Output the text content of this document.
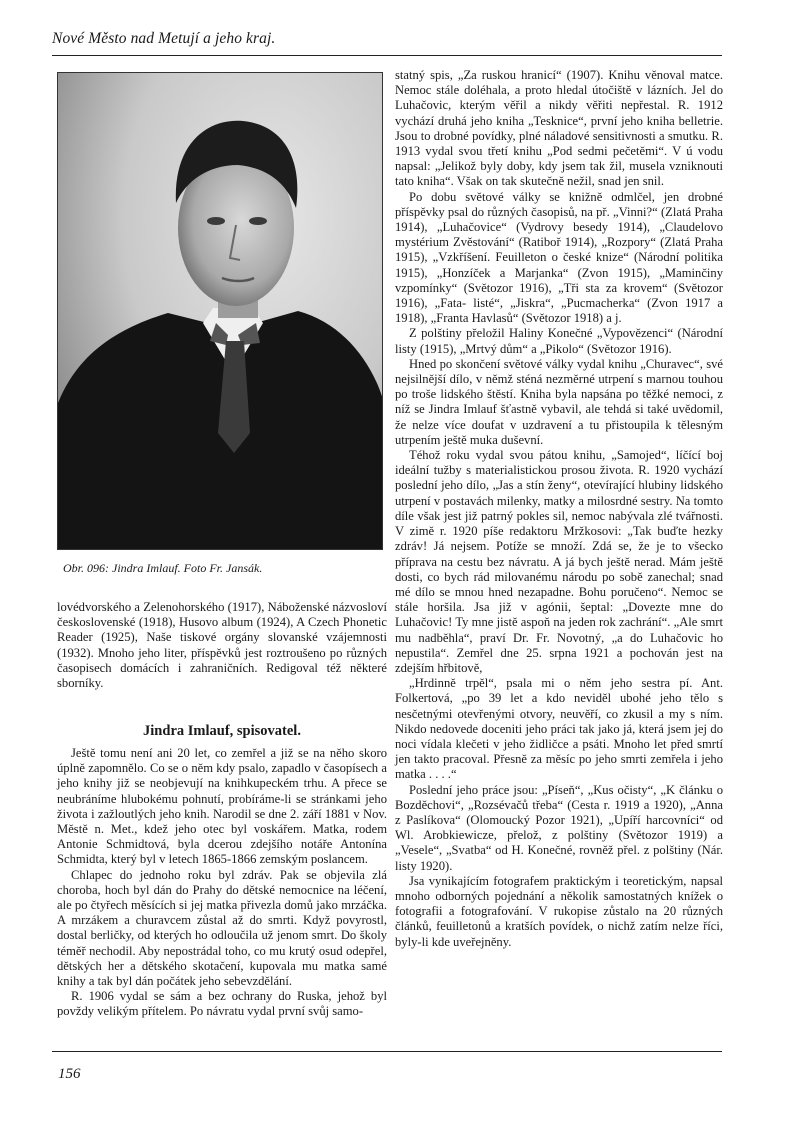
Nové Město nad Metují a jeho kraj.
Obr. 096: Jindra Imlauf. Foto Fr. Jansák.

lovédvorského a Zelenohorského (1917), Náboženské názvosloví československé (1918), Husovo album (1924), A Czech Phonetic Reader (1925), Naše tiskové orgány slovanské vzájemnosti (1932). Mnoho jeho liter, příspěvků jest roztroušeno po různých časopisech domácích i zahraničních. Redigoval též některé sborníky.

Jindra Imlauf, spisovatel.

Ještě tomu není ani 20 let, co zemřel a již se na něho skoro úplně zapomnělo. Co se o něm kdy psalo, zapadlo v časopísech a jeho knihy již se neobjevují na knihkupeckém trhu. A přece se neubráníme hlubokému pohnutí, probíráme-li se stránkami jeho života i zažloutlých jeho knih. Narodil se dne 2. září 1881 v Nov. Městě n. Met., kdež jeho otec byl voskářem. Matka, rodem Antonie Schmidtová, byla dcerou zdejšího notáře Antonína Schmidta, který byl v letech 1865-1866 zemským poslancem.

Chlapec do jednoho roku byl zdráv. Pak se objevila zlá choroba, hoch byl dán do Prahy do dětské nemocnice na léčení, ale po čtyřech měsících si jej matka přivezla domů jako mrzáčka. A mrzákem a churavcem zůstal až do smrti. Když povyrostl, dostal berličky, od kterých ho odloučila už jenom smrt. Do školy téměř nechodil. Aby nepostrádal toho, co mu krutý osud odepřel, dětských her a dětského skotačení, kupovala mu matka samé knihy a tak byl dán počátek jeho sebevzdělání.

R. 1906 vydal se sám a bez ochrany do Ruska, jehož byl povždy velikým přítelem. Po návratu vydal první svůj samo-

statný spis, „Za ruskou hranicí“ (1907). Knihu věnoval matce. Nemoc stále doléhala, a proto hledal útočiště v lázních. Jel do Luhačovic, kterým věřil a nikdy věřiti nepřestal. R. 1912 vychází druhá jeho kniha „Tesknice“, první jeho kniha belletrie. Jsou to drobné povídky, plné náladové sensitivnosti a smutku. R. 1913 vydal svou třetí knihu „Pod sedmi pečetěmi“. V ú vodu napsal: „Jelikož byly doby, kdy jsem tak žil, musela vzniknouti tato kniha“. Však on tak skutečně nežil, snad jen snil.

Po dobu světové války se knižně odmlčel, jen drobné příspěvky psal do různých časopisů, na př. „Vinni?“ (Zlatá Praha 1914), „Luhačovice“ (Vydrovy besedy 1914), „Claudelovo mystérium Zvěstování“ (Ratiboř 1914), „Rozpory“ (Zlatá Praha 1915), „Vzkříšení. Feuilleton o české knize“ (Národní politika 1915), „Honzíček a Marjanka“ (Zvon 1915), „Maminčiny vzpomínky“ (Světozor 1916), „Tři sta za krovem“ (Světozor 1916), „Fata- listé“, „Jiskra“, „Pucmacherka“ (Zvon 1917 a 1918), „Franta Havlasů“ (Světozor 1918) a j.

Z polštiny přeložil Haliny Konečné „Vypovězenci“ (Národní listy (1915), „Mrtvý dům“ a „Pikolo“ (Světozor 1916).

Hned po skončení světové války vydal knihu „Churavec“, své nejsilnější dílo, v němž sténá nezměrné utrpení s marnou touhou po troše lidského štěstí. Kniha byla napsána po těžké nemoci, z níž se Jindra Imlauf šťastně vybavil, ale tehdá si také uvědomil, že nelze více doufat v uzdravení a tu přistoupila k tělesným utrpením ještě muka duševní.

Téhož roku vydal svou pátou knihu, „Samojed“, líčící boj ideální tužby s materialistickou prosou života. R. 1920 vychází poslední jeho dílo, „Jas a stín ženy“, otevírající hlubiny lidského utrpení v postavách milenky, matky a milosrdné sestry. Na tomto díle však jest již patrný pokles sil, nemoc nabývala zlé tvářnosti. V zimě r. 1920 píše redaktoru Mržkosovi: „Tak buďte hezky zdráv! Já nejsem. Potíže se množí. Zdá se, že je to všecko příprava na cestu bez návratu. A já bych ještě nerad. Mám ještě dosti, co bych rád milovanému národu po sobě zanechal; snad mé dílo se mnou hned nezapadne. Bohu poručeno“. Nemoc se stále horšila. Jsa již v agónii, šeptal: „Dovezte mne do Luhačovic! Ty mne jistě aspoň na jeden rok zachrání“. „Ale smrt mu nadběhla“, praví Dr. Fr. Novotný, „a do Luhačovic ho nepustila“. Zemřel dne 25. srpna 1921 a pochován jest na zdejším hřbitově,

„Hrdinně trpěl“, psala mi o něm jeho sestra pí. Ant. Folkertová, „po 39 let a kdo neviděl ubohé jeho tělo s nesčetnými otevřenými otvory, neuvěří, co zkusil a my s ním. Nikdo nedovede doceniti jeho práci tak jako já, která jsem jej do noci vídala klečeti v jeho židličce a psáti. Mnoho let před smrtí jen takto pracoval. Přesně za měsíc po jeho smrti zemřela i jeho matka . . . .“

Poslední jeho práce jsou: „Píseň“, „Kus očisty“, „K článku o Bozděchovi“, „Rozsévačů třeba“ (Cesta r. 1919 a 1920), „Anna z Paslíkova“ (Olomoucký Pozor 1921), „Upíří harcovníci“ od Wl. Arobkiewicze, přelož, z polštiny (Světozor 1919) a „Vesele“, „Svatba“ od H. Konečné, rovněž přel. z polštiny (Nár. listy 1920).

Jsa vynikajícím fotografem praktickým i teoretickým, napsal mnoho odborných pojednání a několik samostatných knížek o fotografii a fotografování. V rukopise zůstalo na 20 různých článků, feuilletonů a kratších povídek, o nichž zatím nelze říci, byly-li kde uveřejněny.

156
